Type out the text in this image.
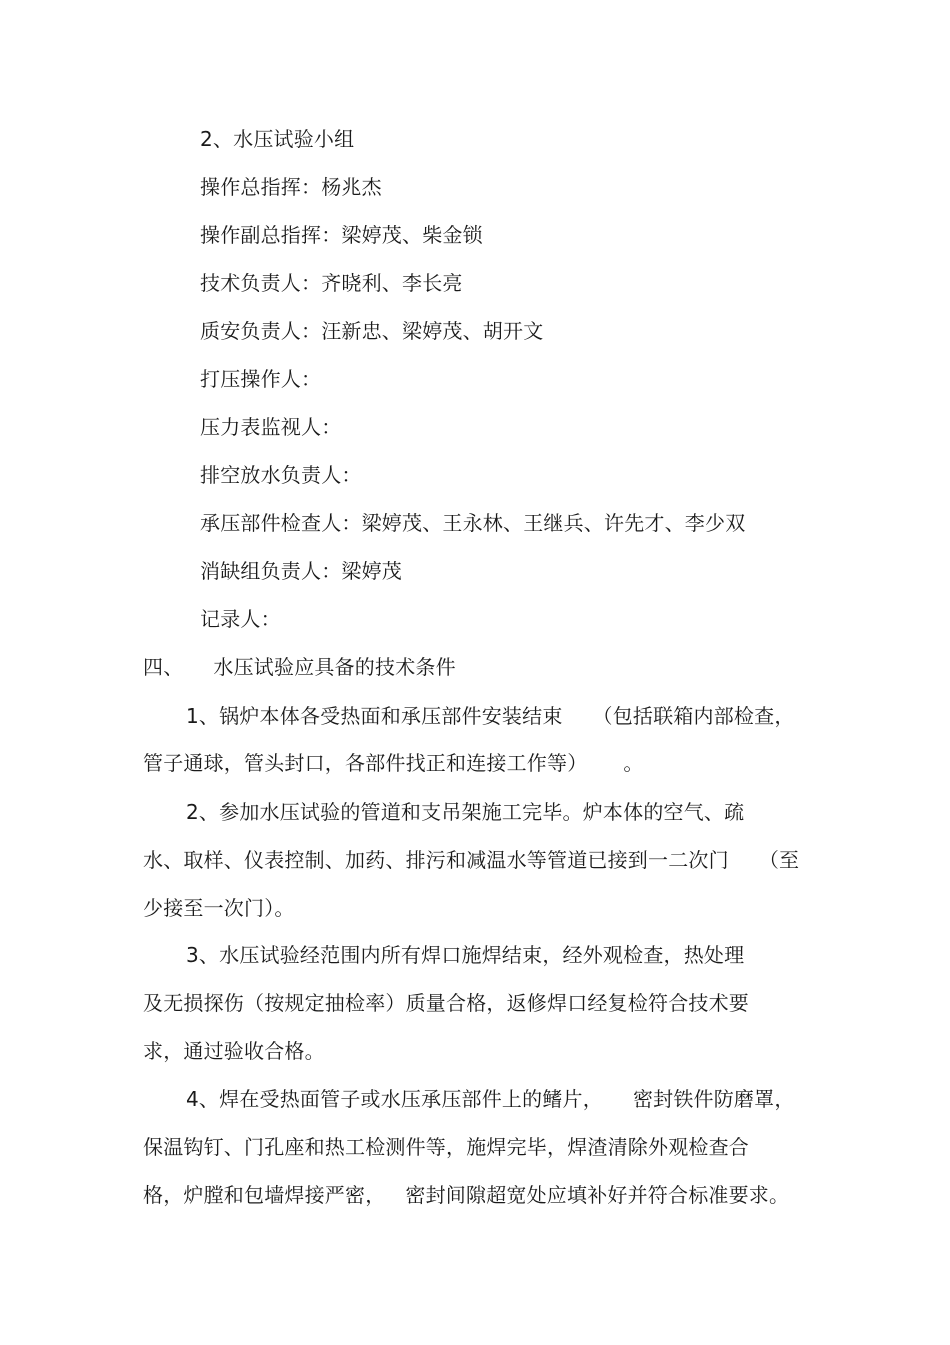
2、水压试验小组
操作总指挥：杨兆杰
操作副总指挥：梁婷茂、柴金锁
技术负责人：齐晓利、李长亮
质安负责人：汪新忠、梁婷茂、胡开文
打压操作人：
压力表监视人：
排空放水负责人：
承压部件检查人：梁婷茂、王永林、王继兵、许先才、李少双
消缺组负责人：梁婷茂
记录人：
四、 水压试验应具备的技术条件
1、锅炉本体各受热面和承压部件安装结束 （包括联箱内部检查，
管子通球，管头封口，各部件找正和连接工作等） 。
2、参加水压试验的管道和支吊架施工完毕。炉本体的空气、疏
水、取样、仪表控制、加药、排污和减温水等管道已接到一二次门 （至
少接至一次门）。
3、水压试验经范围内所有焊口施焊结束，经外观检查，热处理
及无损探伤（按规定抽检率）质量合格，返修焊口经复检符合技术要
求，通过验收合格。
4、焊在受热面管子或水压承压部件上的鳍片， 密封铁件防磨罩，
保温钩钉、门孔座和热工检测件等，施焊完毕，焊渣清除外观检查合
格，炉膛和包墙焊接严密， 密封间隙超宽处应填补好并符合标准要求。
